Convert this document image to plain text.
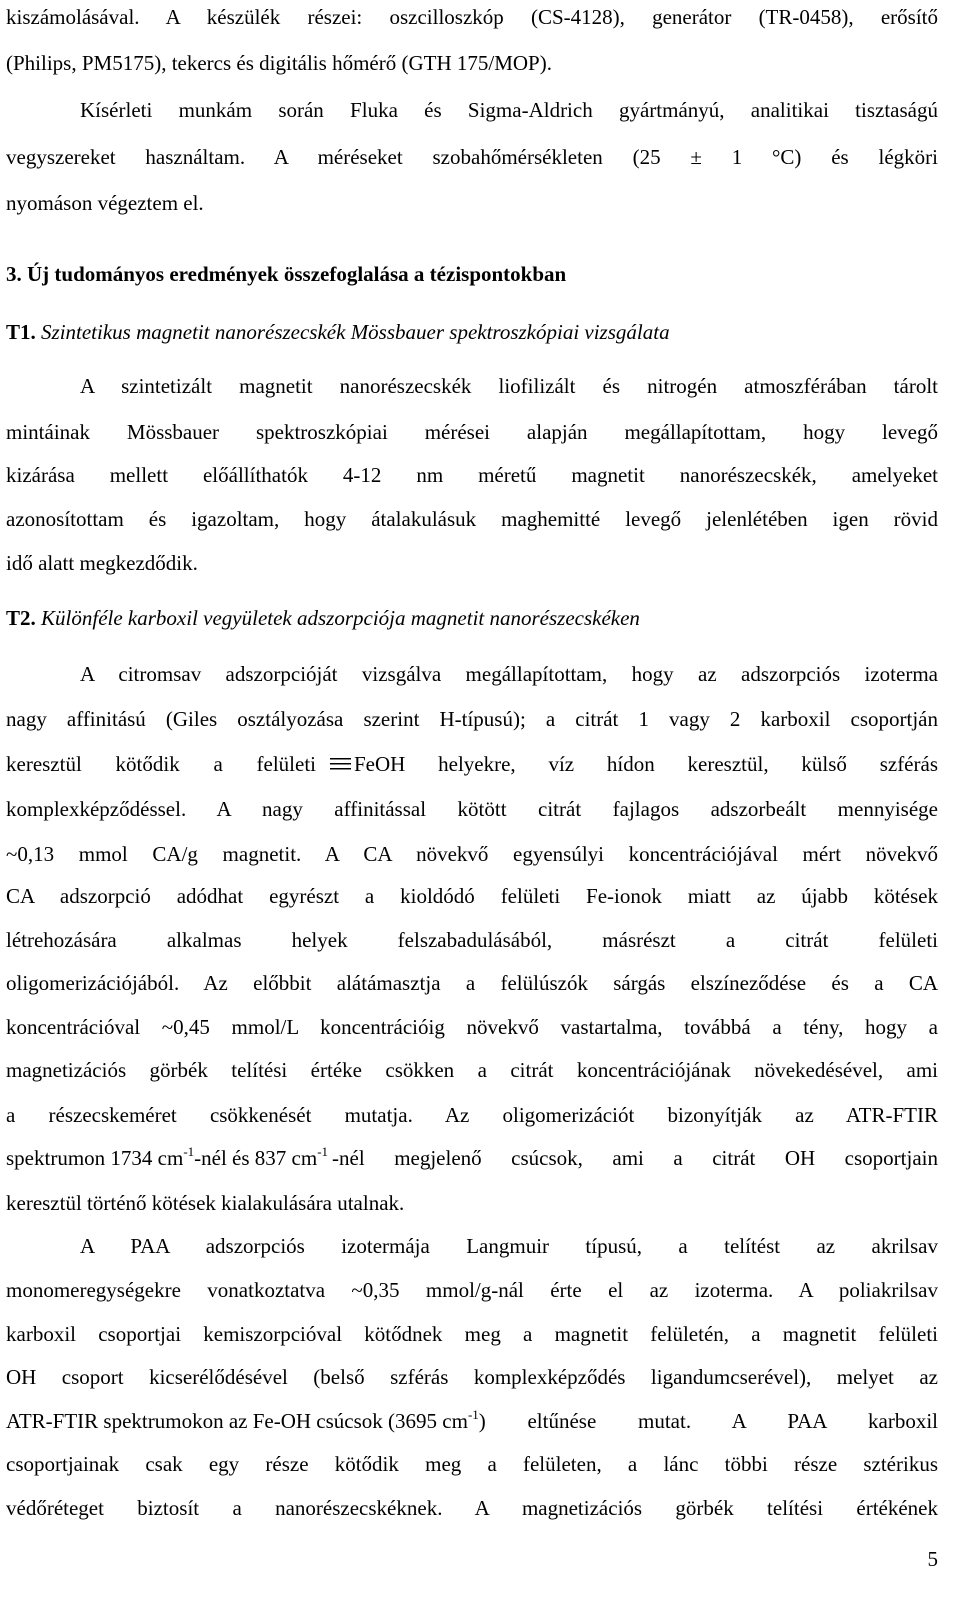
kiszámolásával. A készülék részei: oszcilloszkóp (CS-4128), generátor (TR-0458), erősítő
(Philips, PM5175), tekercs és digitális hőmérő (GTH 175/MOP).
Kísérleti munkám során Fluka és Sigma-Aldrich gyártmányú, analitikai tisztaságú
vegyszereket használtam. A méréseket szobahőmérsékleten (25 ± 1 °C) és légköri
nyomáson végeztem el.
3. Új tudományos eredmények összefoglalása a tézispontokban
T1. Szintetikus magnetit nanorészecskék Mössbauer spektroszkópiai vizsgálata
A szintetizált magnetit nanorészecskék liofilizált és nitrogén atmoszférában tárolt
mintáinak Mössbauer spektroszkópiai mérései alapján megállapítottam, hogy levegő
kizárása mellett előállíthatók 4-12 nm méretű magnetit nanorészecskék, amelyeket
azonosítottam és igazoltam, hogy átalakulásuk maghemitté levegő jelenlétében igen rövid
idő alatt megkezdődik.
T2. Különféle karboxil vegyületek adszorpciója magnetit nanorészecskéken
A citromsav adszorpcióját vizsgálva megállapítottam, hogy az adszorpciós izoterma
nagy affinitású (Giles osztályozása szerint H-típusú); a citrát 1 vagy 2 karboxil csoportján
keresztül kötődik a felületi FeOH helyekre, víz hídon keresztül, külső szférás
komplexképződéssel. A nagy affinitással kötött citrát fajlagos adszorbeált mennyisége
~0,13 mmol CA/g magnetit. A CA növekvő egyensúlyi koncentrációjával mért növekvő
CA adszorpció adódhat egyrészt a kioldódó felületi Fe-ionok miatt az újabb kötések
létrehozására alkalmas helyek felszabadulásából, másrészt a citrát felületi
oligomerizációjából. Az előbbit alátámasztja a felülúszók sárgás elszíneződése és a CA
koncentrációval ~0,45 mmol/L koncentrációig növekvő vastartalma, továbbá a tény, hogy a
magnetizációs görbék telítési értéke csökken a citrát koncentrációjának növekedésével, ami
a részecskeméret csökkenését mutatja. Az oligomerizációt bizonyítják az ATR-FTIR
spektrumon 1734 $cm^{-1}$-nél és 837 $cm^{-1}$ -nél megjelenő csúcsok, ami a citrát OH csoportjain
keresztül történő kötések kialakulására utalnak.
A PAA adszorpciós izotermája Langmuir típusú, a telítést az akrilsav
monomeregységekre vonatkoztatva ~0,35 mmol/g-nál érte el az izoterma. A poliakrilsav
karboxil csoportjai kemiszorpcióval kötődnek meg a magnetit felületén, a magnetit felületi
OH csoport kicserélődésével (belső szférás komplexképződés ligandumcserével), melyet az
ATR-FTIR spektrumokon az Fe-OH csúcsok (3695 $cm^{-1}$ ) eltűnése mutat. A PAA karboxil
csoportjainak csak egy része kötődik meg a felületen, a lánc többi része sztérikus
védőréteget biztosít a nanorészecskéknek. A magnetizációs görbék telítési értékének
5
